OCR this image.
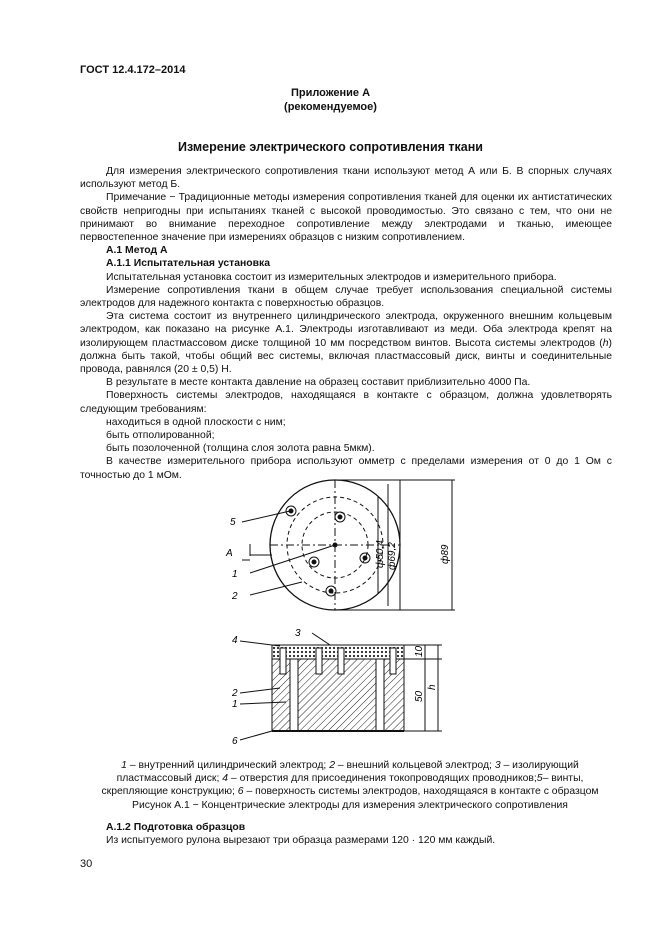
ГОСТ 12.4.172–2014
Приложение А
(рекомендуемое)
Измерение электрического сопротивления ткани

Для измерения электрического сопротивления ткани используют метод А или Б. В спорных случаях используют метод Б.

Примечание − Традиционные методы измерения сопротивления тканей для оценки их антистатических свойств непригодны при испытаниях тканей с высокой проводимостью. Это связано с тем, что они не принимают во внимание переходное сопротивление между электродами и тканью, имеющее первостепенное значение при измерениях образцов с низким сопротивлением.

А.1 Метод А

А.1.1 Испытательная установка

Испытательная установка состоит из измерительных электродов и измерительного прибора.

Измерение сопротивления ткани в общем случае требует использования специальной системы электродов для надежного контакта с поверхностью образцов.

Эта система состоит из внутреннего цилиндрического электрода, окруженного внешним кольцевым электродом, как показано на рисунке А.1. Электроды изготавливают из меди. Оба электрода крепят на изолирующем пластмассовом диске толщиной 10 мм посредством винтов. Высота системы электродов (h) должна быть такой, чтобы общий вес системы, включая пластмассовый диск, винты и соединительные провода, равнялся (20 ± 0,5) Н.

В результате в месте контакта давление на образец составит приблизительно 4000 Па.

Поверхность системы электродов, находящаяся в контакте с образцом, должна удовлетворять следующим требованиям:

находиться в одной плоскости с ним;

быть отполированной;

быть позолоченной (толщина слоя золота равна 5мкм).

В качестве измерительного прибора используют омметр с пределами измерения от 0 до 1 Ом с точностью до 1 мОм.

5
А
1
2
ф50,4 ф69,2	ф89
3
4
2
1
6
10
50
h
1 – внутренний цилиндрический электрод; 2 – внешний кольцевой электрод; 3 – изолирующий пластмассовый диск; 4 – отверстия для присоединения токопроводящих проводников;5– винты, скрепляющие конструкцию; 6 – поверхность системы электродов, находящаяся в контакте с образцом
Рисунок А.1 − Концентрические электроды для измерения электрического сопротивления

А.1.2 Подготовка образцов

Из испытуемого рулона вырезают три образца размерами 120 · 120 мм каждый.

30
